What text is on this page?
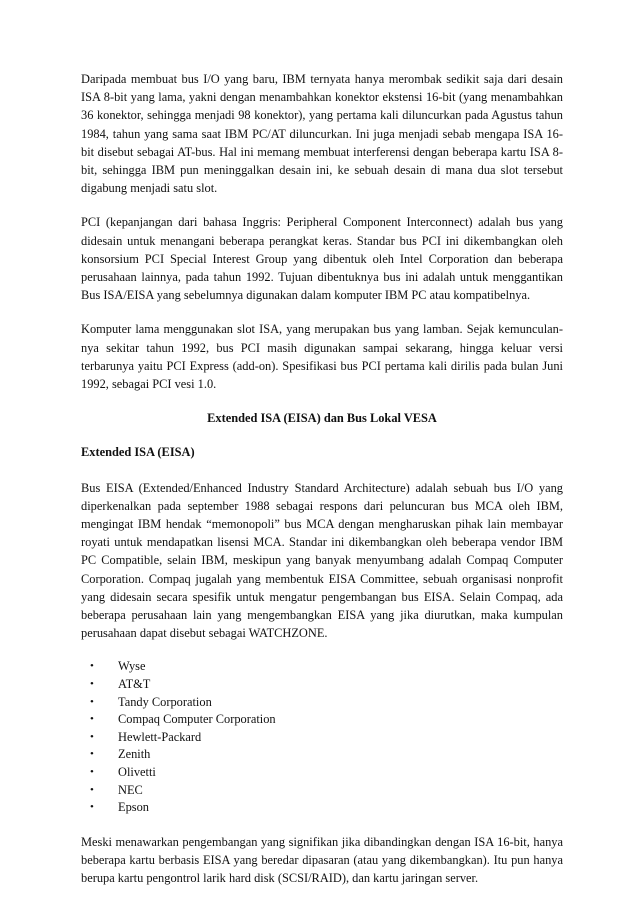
Daripada membuat bus I/O yang baru, IBM ternyata hanya merombak sedikit saja dari desain
ISA 8-bit yang lama, yakni dengan menambahkan konektor ekstensi 16-bit (yang menambahkan
36 konektor, sehingga menjadi 98 konektor), yang pertama kali diluncurkan pada Agustus tahun
1984, tahun yang sama saat IBM PC/AT diluncurkan. Ini juga menjadi sebab mengapa ISA 16-
bit disebut sebagai AT-bus. Hal ini memang membuat interferensi dengan beberapa kartu ISA 8-
bit, sehingga IBM pun meninggalkan desain ini, ke sebuah desain di mana dua slot tersebut
digabung menjadi satu slot.
PCI (kepanjangan dari bahasa Inggris: Peripheral Component Interconnect) adalah bus yang
didesain untuk menangani beberapa perangkat keras. Standar bus PCI ini dikembangkan oleh
konsorsium PCI Special Interest Group yang dibentuk oleh Intel Corporation dan beberapa
perusahaan lainnya, pada tahun 1992. Tujuan dibentuknya bus ini adalah untuk menggantikan
Bus ISA/EISA yang sebelumnya digunakan dalam komputer IBM PC atau kompatibelnya.
Komputer lama menggunakan slot ISA, yang merupakan bus yang lamban. Sejak kemunculan-
nya sekitar tahun 1992, bus PCI masih digunakan sampai sekarang, hingga keluar versi
terbarunya yaitu PCI Express (add-on). Spesifikasi bus PCI pertama kali dirilis pada bulan Juni
1992, sebagai PCI vesi 1.0.
Extended ISA (EISA) dan Bus Lokal VESA
Extended ISA (EISA)
Bus EISA (Extended/Enhanced Industry Standard Architecture) adalah sebuah bus I/O yang
diperkenalkan pada september 1988 sebagai respons dari peluncuran bus MCA oleh IBM,
mengingat IBM hendak “memonopoli” bus MCA dengan mengharuskan pihak lain membayar
royati untuk mendapatkan lisensi MCA. Standar ini dikembangkan oleh beberapa vendor IBM
PC Compatible, selain IBM, meskipun yang banyak menyumbang adalah Compaq Computer
Corporation. Compaq jugalah yang membentuk EISA Committee, sebuah organisasi nonprofit
yang didesain secara spesifik untuk mengatur pengembangan bus EISA. Selain Compaq, ada
beberapa perusahaan lain yang mengembangkan EISA yang jika diurutkan, maka kumpulan
perusahaan dapat disebut sebagai WATCHZONE.
• Wyse
• AT&T
• Tandy Corporation
• Compaq Computer Corporation
• Hewlett-Packard
• Zenith
• Olivetti
• NEC
• Epson
Meski menawarkan pengembangan yang signifikan jika dibandingkan dengan ISA 16-bit, hanya
beberapa kartu berbasis EISA yang beredar dipasaran (atau yang dikembangkan). Itu pun hanya
berupa kartu pengontrol larik hard disk (SCSI/RAID), dan kartu jaringan server.
